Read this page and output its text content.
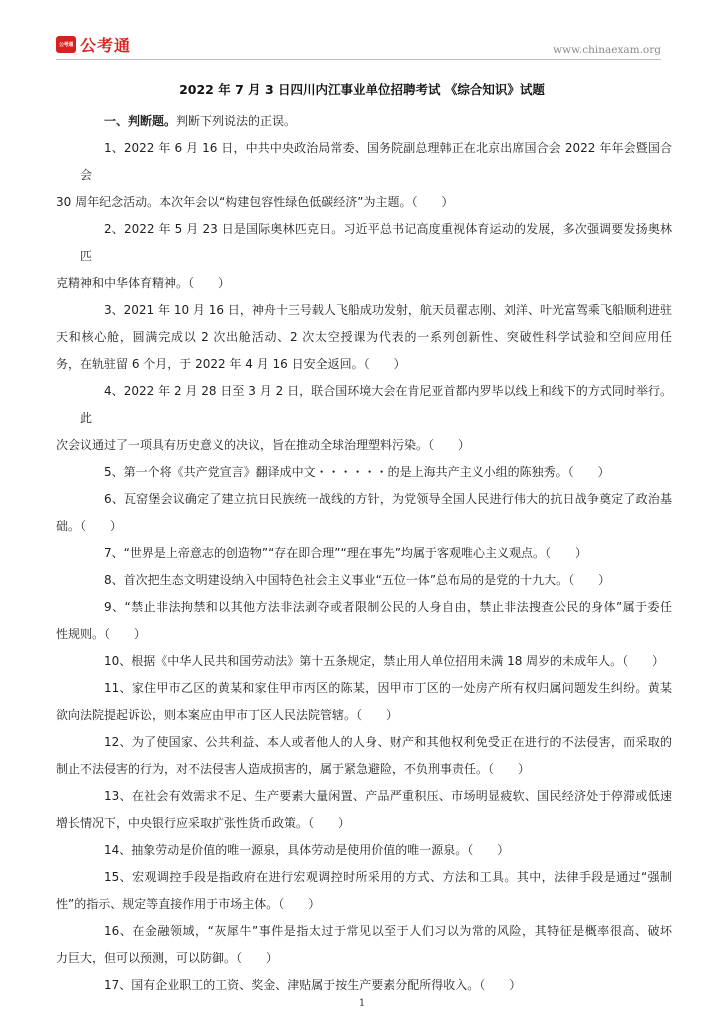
公考通 公考通	www.chinaexam.org
2022 年 7 月 3 日四川内江事业单位招聘考试 《综合知识》试题

一、判断题。判断下列说法的正误。

1、2022 年 6 月 16 日，中共中央政治局常委、国务院副总理韩正在北京出席国合会 2022 年年会暨国合会

30 周年纪念活动。本次年会以“构建包容性绿色低碳经济”为主题。（　　）

2、2022 年 5 月 23 日是国际奥林匹克日。习近平总书记高度重视体育运动的发展，多次强调要发扬奥林匹

克精神和中华体育精神。（　　）

3、2021 年 10 月 16 日，神舟十三号载人飞船成功发射，航天员翟志刚、刘洋、叶光富驾乘飞船顺利进驻

天和核心舱，圆满完成以 2 次出舱活动、2 次太空授课为代表的一系列创新性、突破性科学试验和空间应用任

务，在轨驻留 6 个月，于 2022 年 4 月 16 日安全返回。（　　）

4、2022 年 2 月 28 日至 3 月 2 日，联合国环境大会在肯尼亚首都内罗毕以线上和线下的方式同时举行。此

次会议通过了一项具有历史意义的决议，旨在推动全球治理塑料污染。（　　）

5、第一个将《共产党宣言》翻译成中文・・・・・・的是上海共产主义小组的陈独秀。（　　）

6、瓦窑堡会议确定了建立抗日民族统一战线的方针，为党领导全国人民进行伟大的抗日战争奠定了政治基

础。（　　）

7、“世界是上帝意志的创造物”“存在即合理”“理在事先”均属于客观唯心主义观点。（　　）

8、首次把生态文明建设纳入中国特色社会主义事业“五位一体”总布局的是党的十九大。（　　）

9、“禁止非法拘禁和以其他方法非法剥夺或者限制公民的人身自由，禁止非法搜查公民的身体”属于委任

性规则。（　　）

10、根据《中华人民共和国劳动法》第十五条规定，禁止用人单位招用未满 18 周岁的未成年人。（　　）

11、家住甲市乙区的黄某和家住甲市丙区的陈某，因甲市丁区的一处房产所有权归属问题发生纠纷。黄某

欲向法院提起诉讼，则本案应由甲市丁区人民法院管辖。（　　）

12、为了使国家、公共利益、本人或者他人的人身、财产和其他权利免受正在进行的不法侵害，而采取的

制止不法侵害的行为，对不法侵害人造成损害的，属于紧急避险，不负刑事责任。（　　）

13、在社会有效需求不足、生产要素大量闲置、产品严重积压、市场明显疲软、国民经济处于停滞或低速

增长情况下，中央银行应采取扩张性货币政策。（　　）

14、抽象劳动是价值的唯一源泉，具体劳动是使用价值的唯一源泉。（　　）

15、宏观调控手段是指政府在进行宏观调控时所采用的方式、方法和工具。其中，法律手段是通过“强制

性”的指示、规定等直接作用于市场主体。（　　）

16、在金融领域，“灰犀牛”事件是指太过于常见以至于人们习以为常的风险，其特征是概率很高、破坏

力巨大，但可以预测，可以防御。（　　）

17、国有企业职工的工资、奖金、津贴属于按生产要素分配所得收入。（　　）

1
